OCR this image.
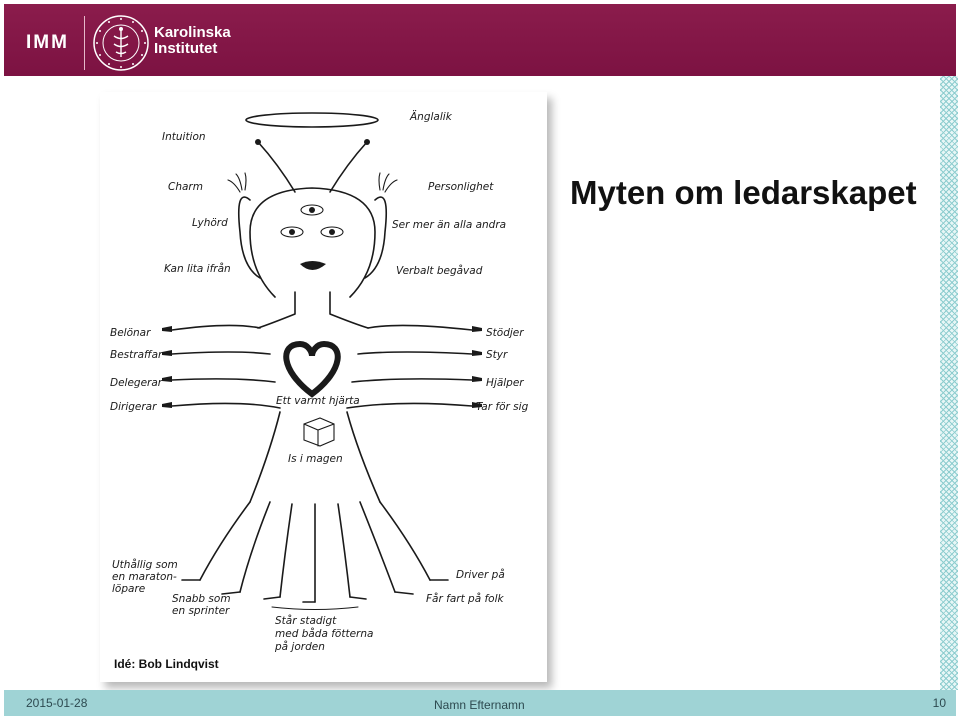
IMM	Karolinska
Institutet
Myten om ledarskapet
Änglalik
Intuition
Charm	Personlighet
Lyhörd	Ser mer än alla andra
Kan lita ifrån	Verbalt begåvad
Belönar
Bestraffar
Delegerar
Dirigerar
Stödjer
Styr
Hjälper
Tar för sig
Ett varmt hjärta
Is i magen
Uthållig som
en maraton-
löpare
Snabb som
en sprinter
Står stadigt
med båda fötterna
på jorden
Driver på
Får fart på folk
Idé: Bob Lindqvist
2015-01-28	Namn Efternamn	10
